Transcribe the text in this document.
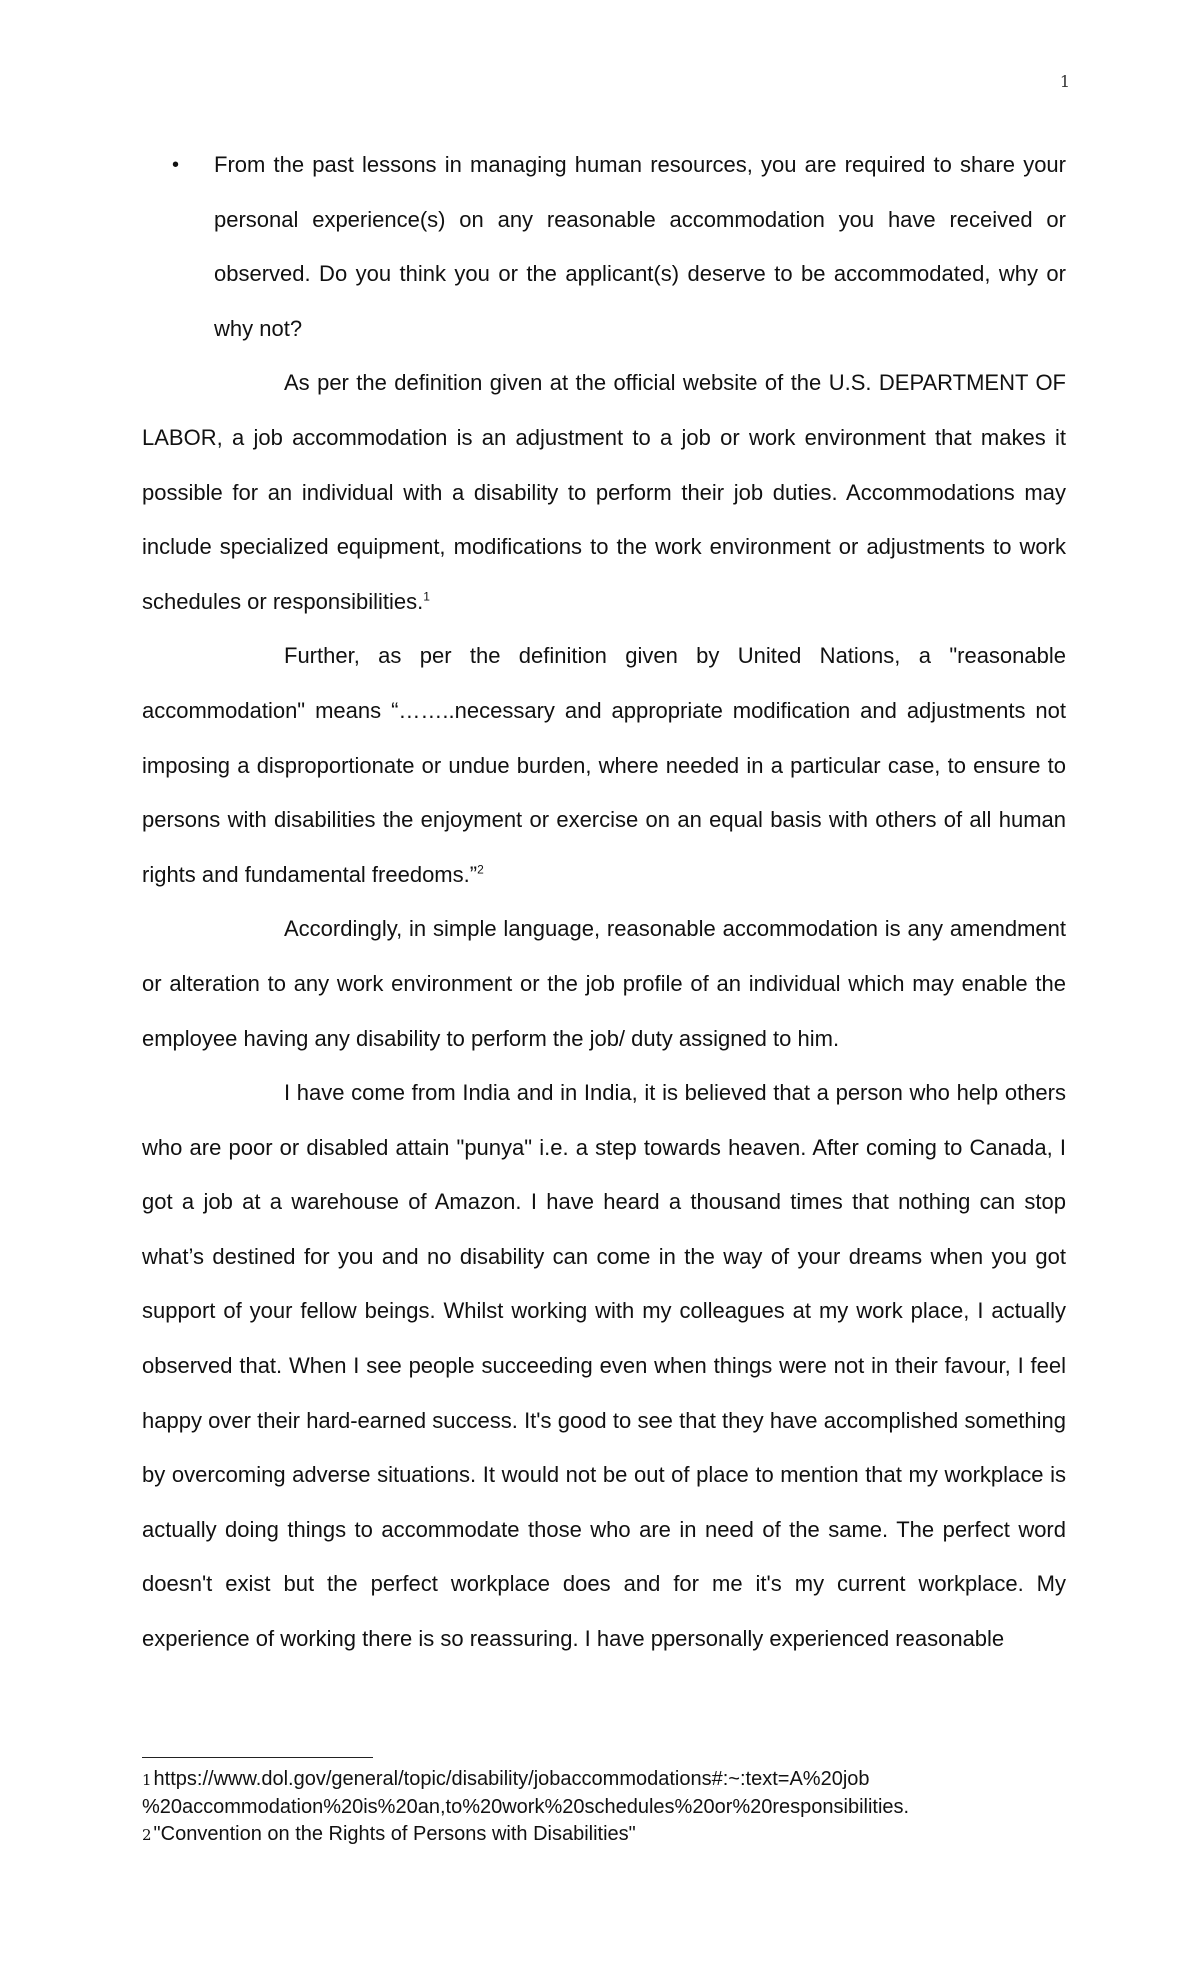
1
• From the past lessons in managing human resources, you are required to share your personal experience(s) on any reasonable accommodation you have received or observed. Do you think you or the applicant(s) deserve to be accommodated, why or why not?

As per the definition given at the official website of the U.S. DEPARTMENT OF LABOR, a job accommodation is an adjustment to a job or work environment that makes it possible for an individual with a disability to perform their job duties. Accommodations may include specialized equipment, modifications to the work environment or adjustments to work schedules or responsibilities.$^1$

Further, as per the definition given by United Nations, a "reasonable accommodation" means “……..necessary and appropriate modification and adjustments not imposing a disproportionate or undue burden, where needed in a particular case, to ensure to persons with disabilities the enjoyment or exercise on an equal basis with others of all human rights and fundamental freedoms.”$^2$

Accordingly, in simple language, reasonable accommodation is any amendment or alteration to any work environment or the job profile of an individual which may enable the employee having any disability to perform the job/ duty assigned to him.

I have come from India and in India, it is believed that a person who help others who are poor or disabled attain "punya" i.e. a step towards heaven. After coming to Canada, I got a job at a warehouse of Amazon. I have heard a thousand times that nothing can stop what’s destined for you and no disability can come in the way of your dreams when you got support of your fellow beings. Whilst working with my colleagues at my work place, I actually observed that. When I see people succeeding even when things were not in their favour, I feel happy over their hard-earned success. It's good to see that they have accomplished something by overcoming adverse situations. It would not be out of place to mention that my workplace is actually doing things to accommodate those who are in need of the same. The perfect word doesn't exist but the perfect workplace does and for me it's my current workplace. My experience of working there is so reassuring. I have ppersonally experienced reasonable

1 https://www.dol.gov/general/topic/disability/jobaccommodations#:~:text=A%20job
%20accommodation%20is%20an,to%20work%20schedules%20or%20responsibilities.
2 "Convention on the Rights of Persons with Disabilities"
